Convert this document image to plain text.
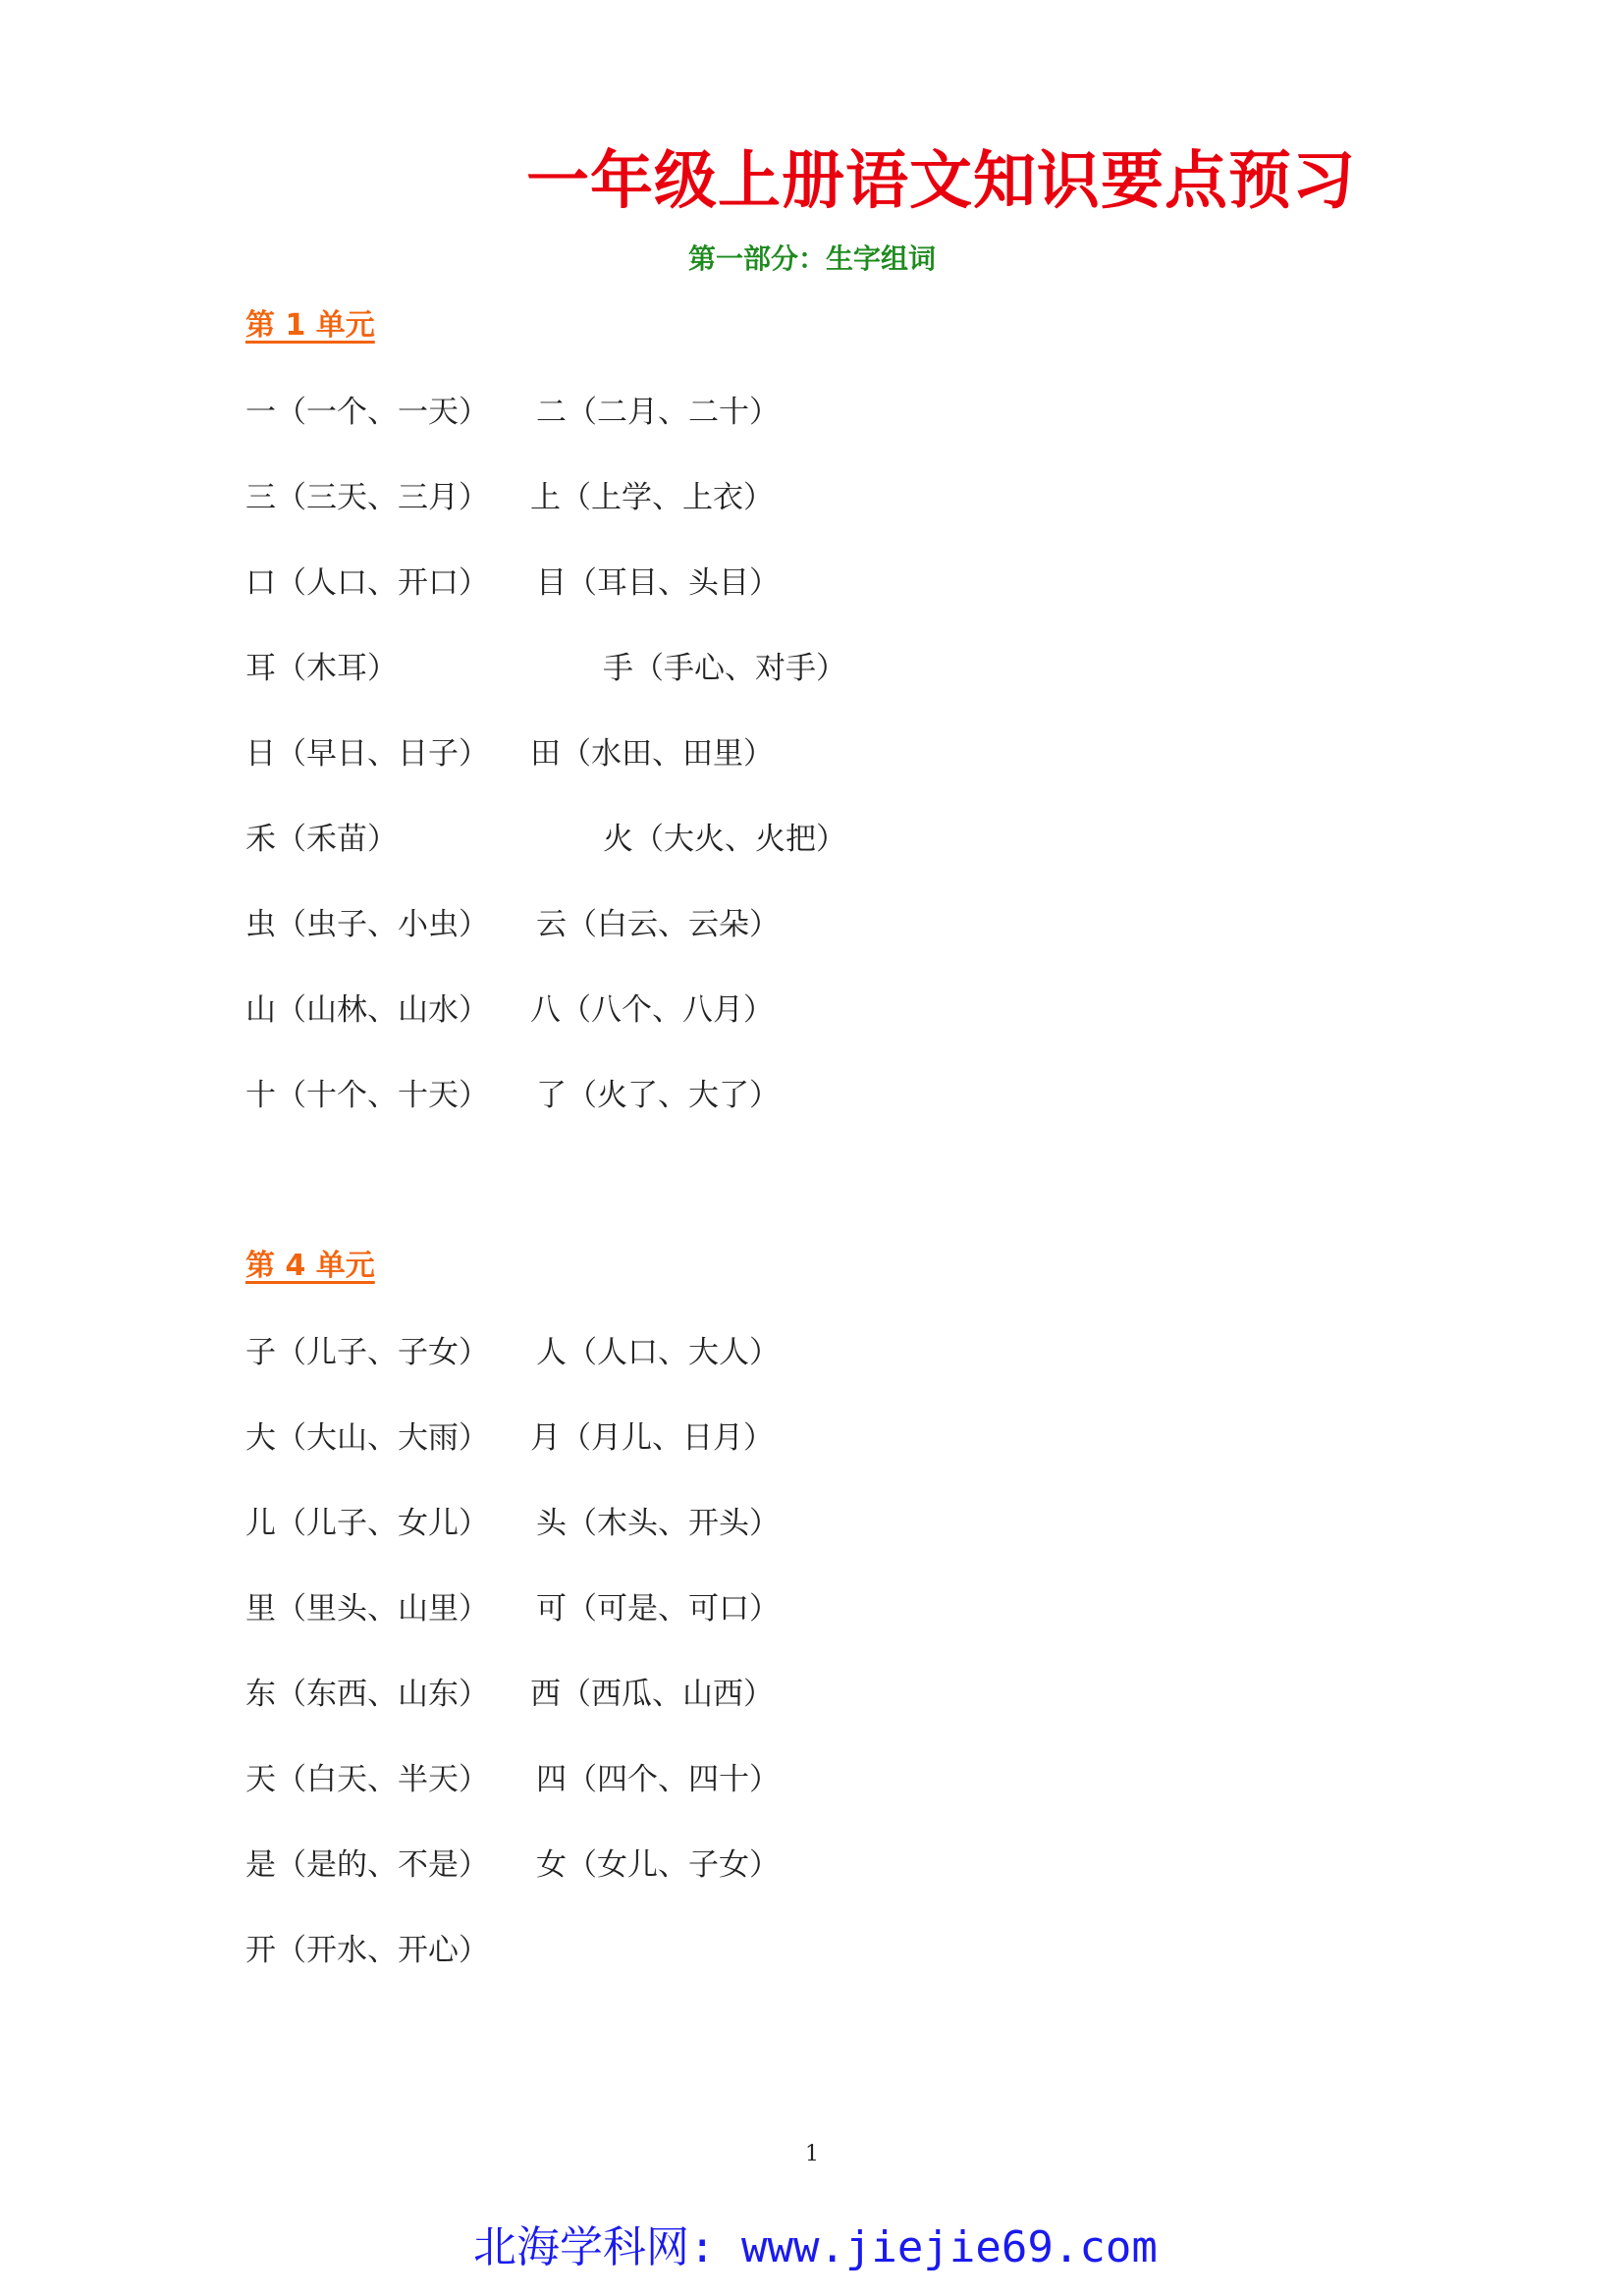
一年级上册语文知识要点预习
第一部分：生字组词
第 1 单元
一（一个、一天） 二（二月、二十）
三（三天、三月） 上（上学、上衣）
口（人口、开口） 目（耳目、头目）
耳（木耳）	手（手心、对手）
日（早日、日子） 田（水田、田里）
禾（禾苗）	火（大火、火把）
虫（虫子、小虫） 云（白云、云朵）
山（山林、山水） 八（八个、八月）
十（十个、十天） 了（火了、大了）
第 4 单元
子（儿子、子女） 人（人口、大人）
大（大山、大雨） 月（月儿、日月）
儿（儿子、女儿） 头（木头、开头）
里（里头、山里） 可（可是、可口）
东（东西、山东） 西（西瓜、山西）
天（白天、半天） 四（四个、四十）
是（是的、不是） 女（女儿、子女）
开（开水、开心）
1
北海学科网: www.jiejie69.com
